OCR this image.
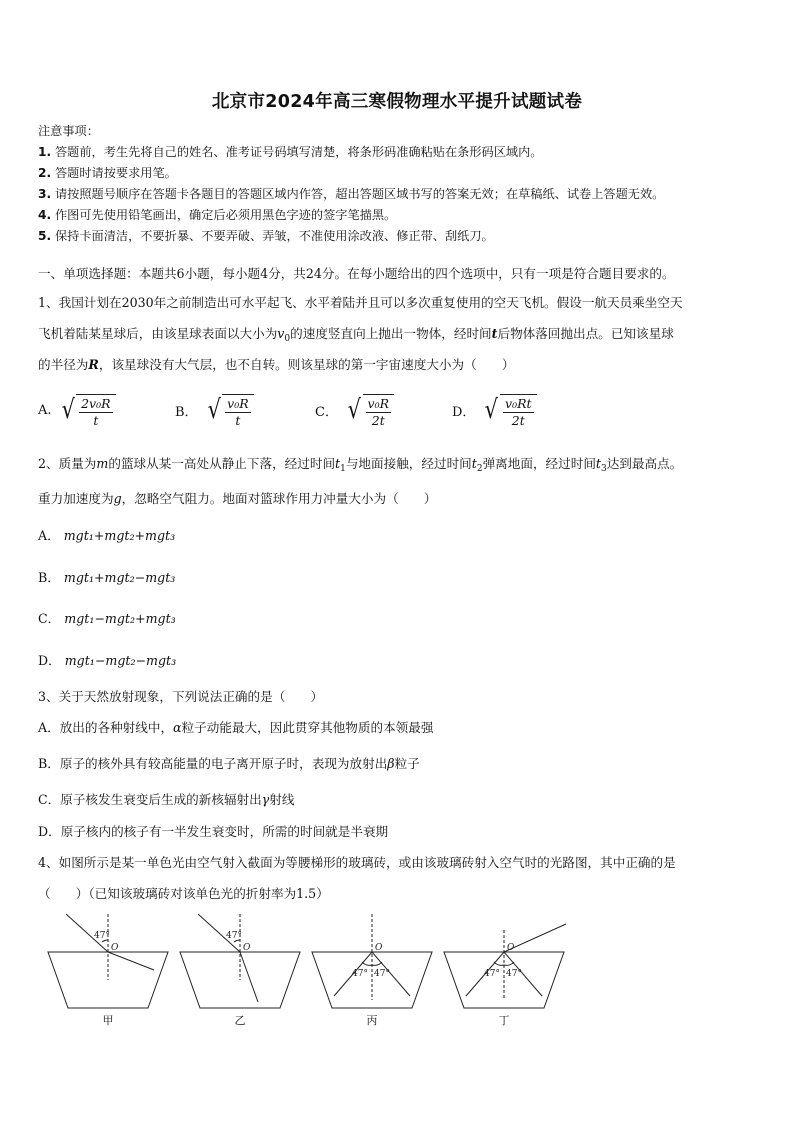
北京市2024年高三寒假物理水平提升试题试卷
注意事项：
1. 答题前，考生先将自己的姓名、准考证号码填写清楚，将条形码准确粘贴在条形码区域内。
2. 答题时请按要求用笔。
3. 请按照题号顺序在答题卡各题目的答题区域内作答，超出答题区域书写的答案无效；在草稿纸、试卷上答题无效。
4. 作图可先使用铅笔画出，确定后必须用黑色字迹的签字笔描黑。
5. 保持卡面清洁，不要折暴、不要弄破、弄皱，不准使用涂改液、修正带、刮纸刀。
一、单项选择题：本题共6小题，每小题4分，共24分。在每小题给出的四个选项中，只有一项是符合题目要求的。
1、我国计划在2030年之前制造出可水平起飞、水平着陆并且可以多次重复使用的空天飞机。假设一航天员乘坐空天
飞机着陆某星球后，由该星球表面以大小为$v_0$的速度竖直向上抛出一物体，经时间t后物体落回抛出点。已知该星球
的半径为R，该星球没有大气层，也不自转。则该星球的第一宇宙速度大小为（　　）
A. √ $\frac{\text{2v₀R}}{t}$	B． √ $\frac{\text{v₀R}}{t}$	C． √ $\frac{\text{v₀R}}{2t}$	D． √ $\frac{\text{v₀Rt}}{2t}$
2、质量为m的篮球从某一高处从静止下落，经过时间$t_1$与地面接触，经过时间$t_2$弹离地面，经过时间$t_3$达到最高点。
重力加速度为g，忽略空气阻力。地面对篮球作用力冲量大小为（　　）
A． mgt₁+mgt₂+mgt₃
B． mgt₁+mgt₂−mgt₃
C． mgt₁−mgt₂+mgt₃
D． mgt₁−mgt₂−mgt₃
3、关于天然放射现象，下列说法正确的是（　　）
A．放出的各种射线中，α粒子动能最大，因此贯穿其他物质的本领最强
B．原子的核外具有较高能量的电子离开原子时，表现为放射出β粒子
C．原子核发生衰变后生成的新核辐射出γ射线
D．原子核内的核子有一半发生衰变时，所需的时间就是半衰期
4、如图所示是某一单色光由空气射入截面为等腰梯形的玻璃砖，或由该玻璃砖射入空气时的光路图，其中正确的是
（　　）（已知该玻璃砖对该单色光的折射率为1.5）
47°
O
47°
O	O
47° 47°
O
47° 47°
甲	乙	丙	丁
